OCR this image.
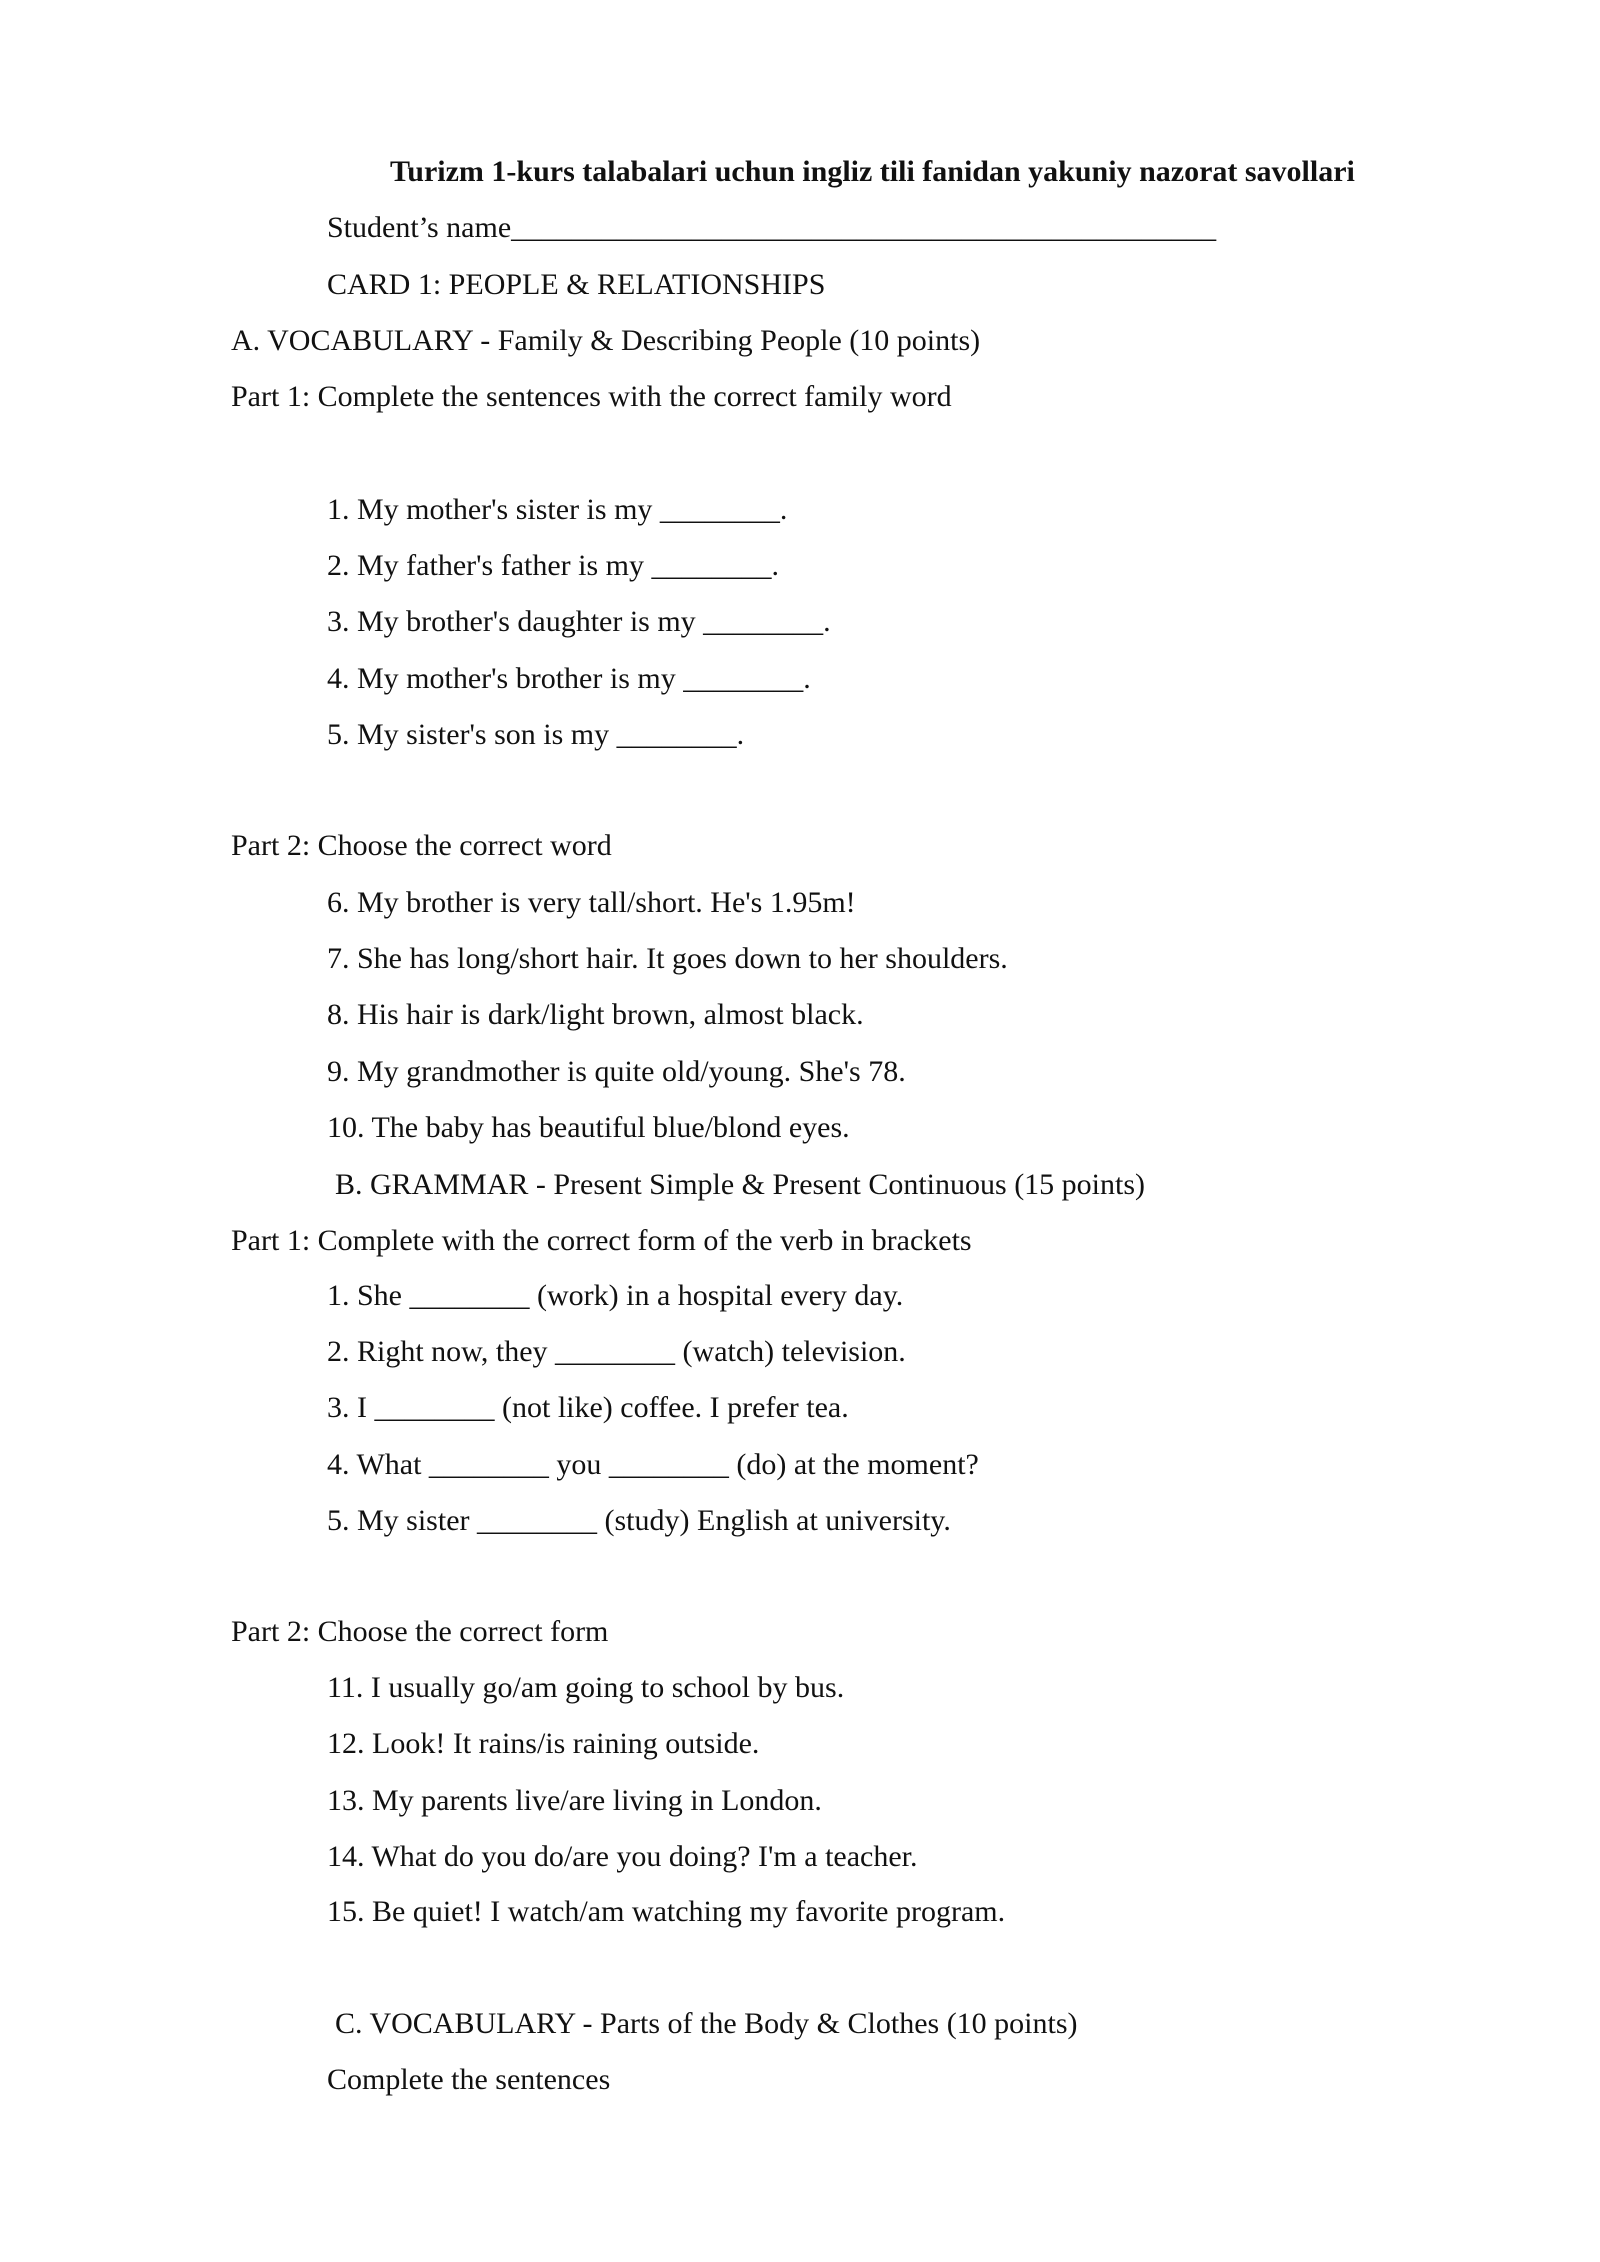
Turizm 1-kurs talabalari uchun ingliz tili fanidan yakuniy nazorat savollari
Student’s name_______________________________________________
CARD 1: PEOPLE & RELATIONSHIPS
A. VOCABULARY - Family & Describing People (10 points)
Part 1: Complete the sentences with the correct family word
1. My mother's sister is my ________.
2. My father's father is my ________.
3. My brother's daughter is my ________.
4. My mother's brother is my ________.
5. My sister's son is my ________.
Part 2: Choose the correct word
6. My brother is very tall/short. He's 1.95m!
7. She has long/short hair. It goes down to her shoulders.
8. His hair is dark/light brown, almost black.
9. My grandmother is quite old/young. She's 78.
10. The baby has beautiful blue/blond eyes.
B. GRAMMAR - Present Simple & Present Continuous (15 points)
Part 1: Complete with the correct form of the verb in brackets
1. She ________ (work) in a hospital every day.
2. Right now, they ________ (watch) television.
3. I ________ (not like) coffee. I prefer tea.
4. What ________ you ________ (do) at the moment?
5. My sister ________ (study) English at university.
Part 2: Choose the correct form
11. I usually go/am going to school by bus.
12. Look! It rains/is raining outside.
13. My parents live/are living in London.
14. What do you do/are you doing? I'm a teacher.
15. Be quiet! I watch/am watching my favorite program.
C. VOCABULARY - Parts of the Body & Clothes (10 points)
Complete the sentences
